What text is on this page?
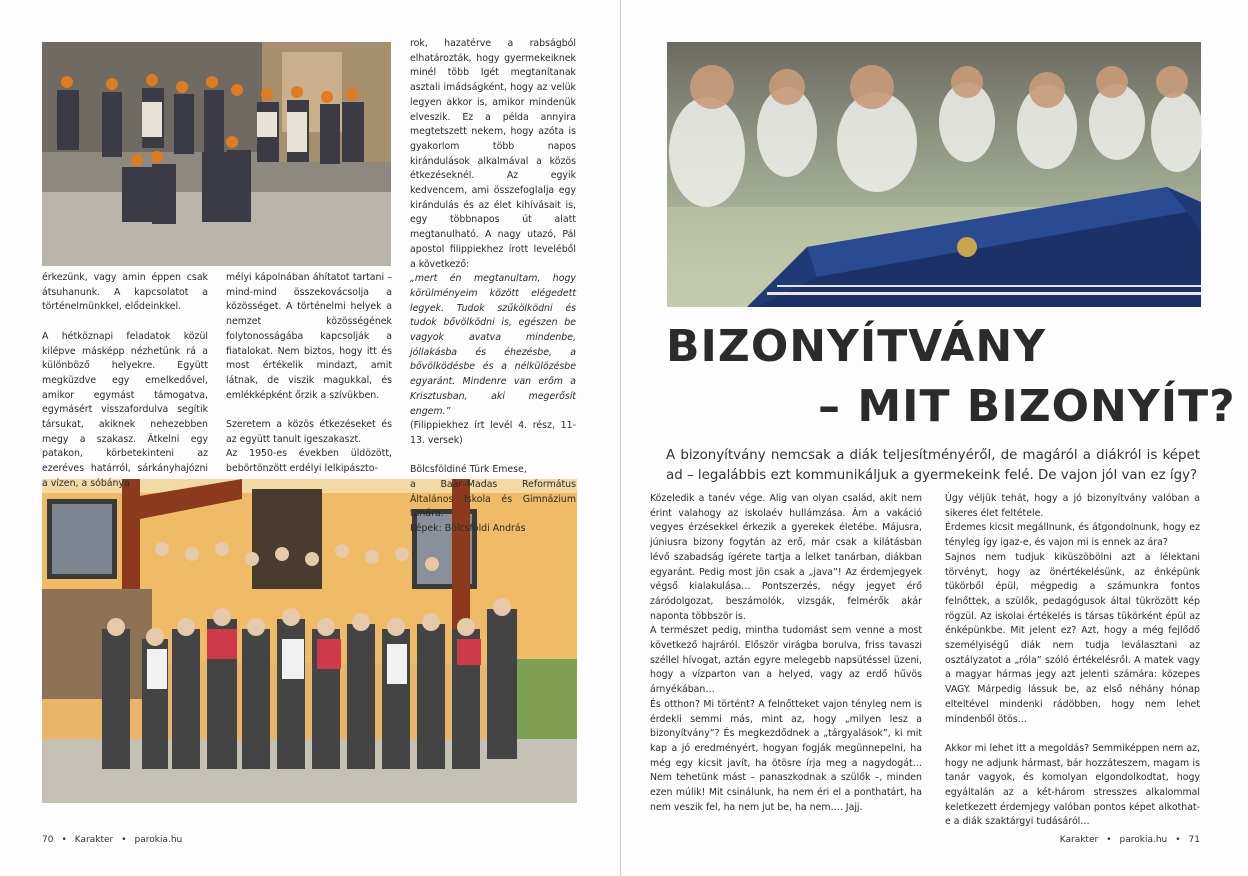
érkezünk, vagy amin éppen csak átsuhanunk. A kapcsolatot a történelmünkkel, elődeinkkel.

A hétköznapi feladatok közül kilépve másképp nézhetünk rá a különböző helyekre. Együtt megküzdve egy emelkedővel, amikor egymást támogatva, egymásért visszafordulva segítik társukat, akiknek nehezebben megy a szakasz. Átkelni egy patakon, körbetekinteni az ezeréves határról, sárkányhajózni a vízen, a sóbánya

mélyi kápolnában áhítatot tartani – mind-mind összekovácsolja a közösséget. A történelmi helyek a nemzet közösségének folytonosságába kapcsolják a fiatalokat. Nem biztos, hogy itt és most értékelik mindazt, amit látnak, de viszik magukkal, és emlékképként őrzik a szívükben.

Szeretem a közös étkezéseket és az együtt tanult igeszakaszt.

Az 1950-es években üldözött, bebörtönzött erdélyi lelkipászto-

rok, hazatérve a rabságból elhatározták, hogy gyermekeiknek minél több Igét megtanítanak asztali imádságként, hogy az velük legyen akkor is, amikor mindenük elveszik. Ez a példa annyira megtetszett nekem, hogy azóta is gyakorlom több napos kirándulások alkalmával a közös étkezéseknél. Az egyik kedvencem, ami összefoglalja egy kirándulás és az élet kihívásait is, egy többnapos út alatt megtanulható. A nagy utazó, Pál apostol filippiekhez írott leveléből a következő:

„mert én megtanultam, hogy körülményeim között elégedett legyek. Tudok szűkölködni és tudok bővölködni is, egészen be vagyok avatva mindenbe, jóllakásba és éhezésbe, a bővölködésbe és a nélkülözésbe egyaránt. Mindenre van erőm a Krisztusban, aki megerősít engem.”

(Filippiekhez írt levél 4. rész, 11-13. versek)

Bölcsföldiné Türk Emese,

a Baár–Madas Református Általános Iskola és Gimnázium tanára.

Képek: Bölcsföldi András

70 • Karakter • parokia.hu
BIZONYÍTVÁNY
– MIT BIZONYÍT?
A bizonyítvány nemcsak a diák teljesítményéről, de magáról a diákról is képet ad – legalábbis ezt kommunikáljuk a gyermekeink felé. De vajon jól van ez így?

Közeledik a tanév vége. Alig van olyan család, akit nem érint valahogy az iskolaév hullámzása. Ám a vakáció vegyes érzésekkel érkezik a gyerekek életébe. Májusra, júniusra bizony fogytán az erő, már csak a kilátásban lévő szabadság ígérete tartja a lelket tanárban, diákban egyaránt. Pedig most jön csak a „java”! Az érdemjegyek végső kialakulása… Pontszerzés, négy jegyet érő záródolgozat, beszámolók, vizsgák, felmérők akár naponta többször is.

A természet pedig, mintha tudomást sem venne a most következő hajráról. Először virágba borulva, friss tavaszi széllel hívogat, aztán egyre melegebb napsütéssel üzeni, hogy a vízparton van a helyed, vagy az erdő hűvös árnyékában…

És otthon? Mi történt? A felnőtteket vajon tényleg nem is érdekli semmi más, mint az, hogy „milyen lesz a bizonyítvány”? És megkezdődnek a „tárgyalások”, ki mit kap a jó eredményért, hogyan fogják megünnepelni, ha még egy kicsit javít, ha ötösre írja meg a nagydogát… Nem tehetünk mást – panaszkodnak a szülők –, minden ezen múlik! Mit csinálunk, ha nem éri el a ponthatárt, ha nem veszik fel, ha nem jut be, ha nem…. Jajj.

Úgy véljük tehát, hogy a jó bizonyítvány valóban a sikeres élet feltétele.

Érdemes kicsit megállnunk, és átgondolnunk, hogy ez tényleg így igaz-e, és vajon mi is ennek az ára?

Sajnos nem tudjuk kiküszöbölni azt a lélektani törvényt, hogy az önértékelésünk, az énképünk tükörből épül, mégpedig a számunkra fontos felnőttek, a szülők, pedagógusok által tükrözött kép rögzül. Az iskolai értékelés is társas tükörként épül az énképünkbe. Mit jelent ez? Azt, hogy a még fejlődő személyiségű diák nem tudja leválasztani az osztályzatot a „róla” szóló értékelésről. A matek vagy a magyar hármas jegy azt jelenti számára: közepes VAGY. Márpedig lássuk be, az első néhány hónap elteltével mindenki rádöbben, hogy nem lehet mindenből ötös…

Akkor mi lehet itt a megoldás? Semmiképpen nem az, hogy ne adjunk hármast, bár hozzáteszem, magam is tanár vagyok, és komolyan elgondolkodtat, hogy egyáltalán az a két-három stresszes alkalommal keletkezett érdemjegy valóban pontos képet alkothat-e a diák szaktárgyi tudásáról…

Karakter • parokia.hu • 71
